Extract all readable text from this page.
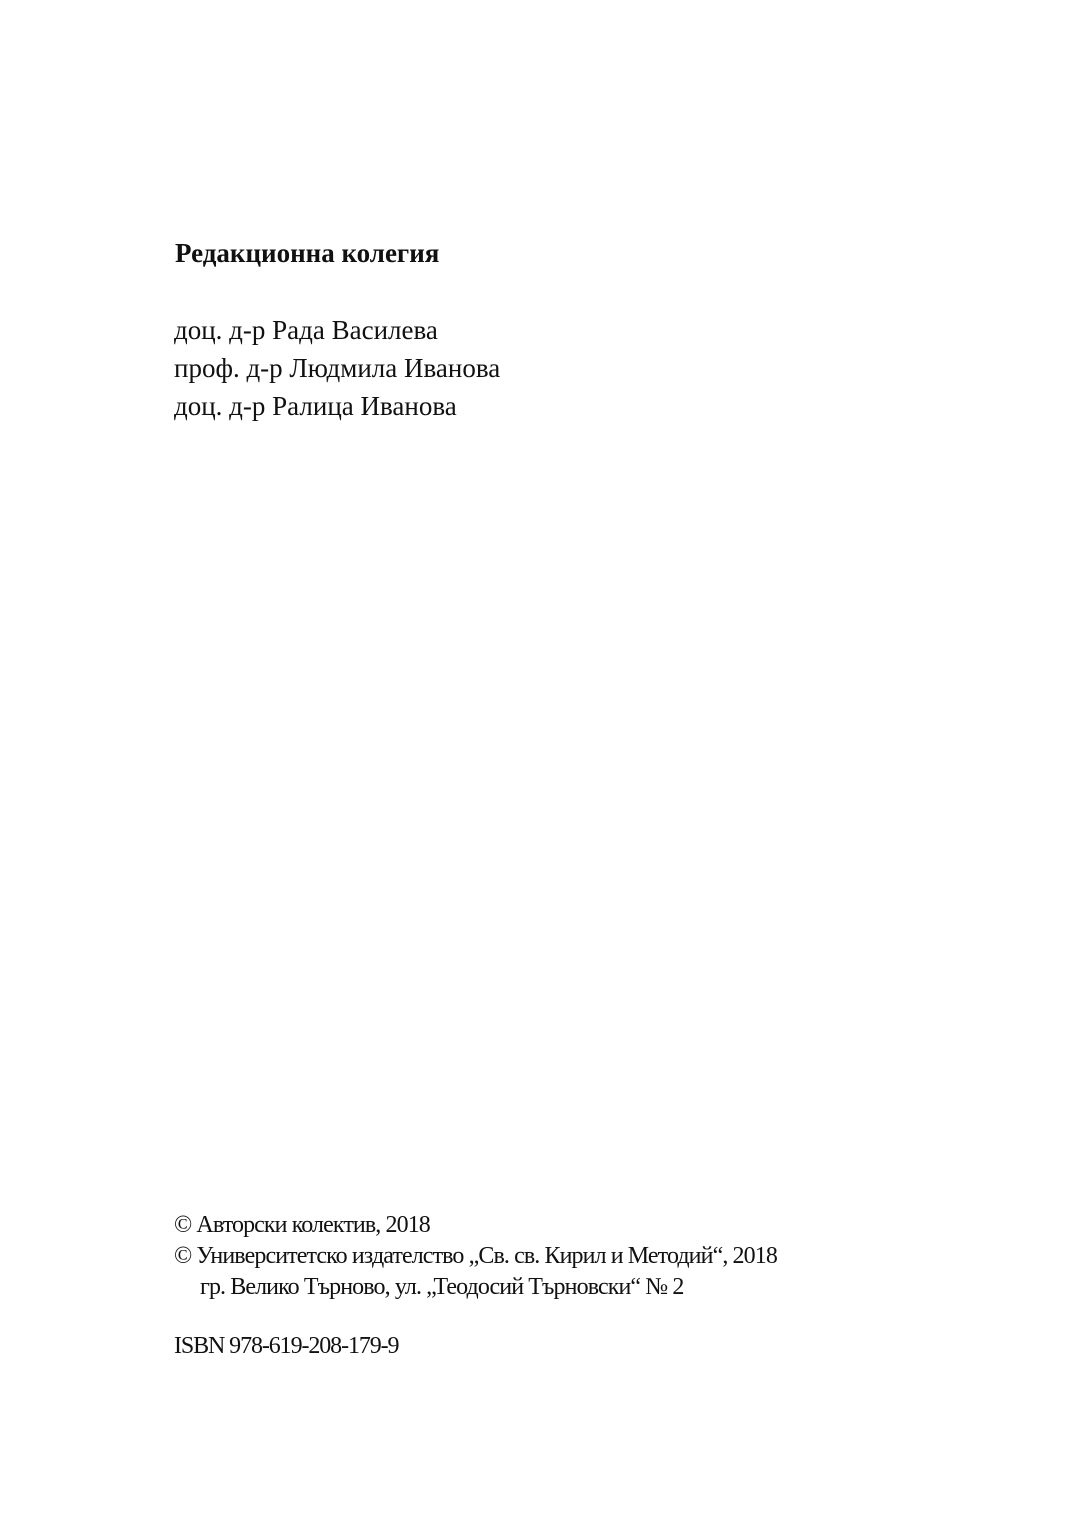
Редакционна колегия
доц. д-р Рада Василева
проф. д-р Людмила Иванова
доц. д-р Ралица Иванова
© Авторски колектив, 2018
© Университетско издателство „Св. св. Кирил и Методий“, 2018
гр. Велико Търново, ул. „Теодосий Търновски“ № 2
ISBN 978-619-208-179-9
